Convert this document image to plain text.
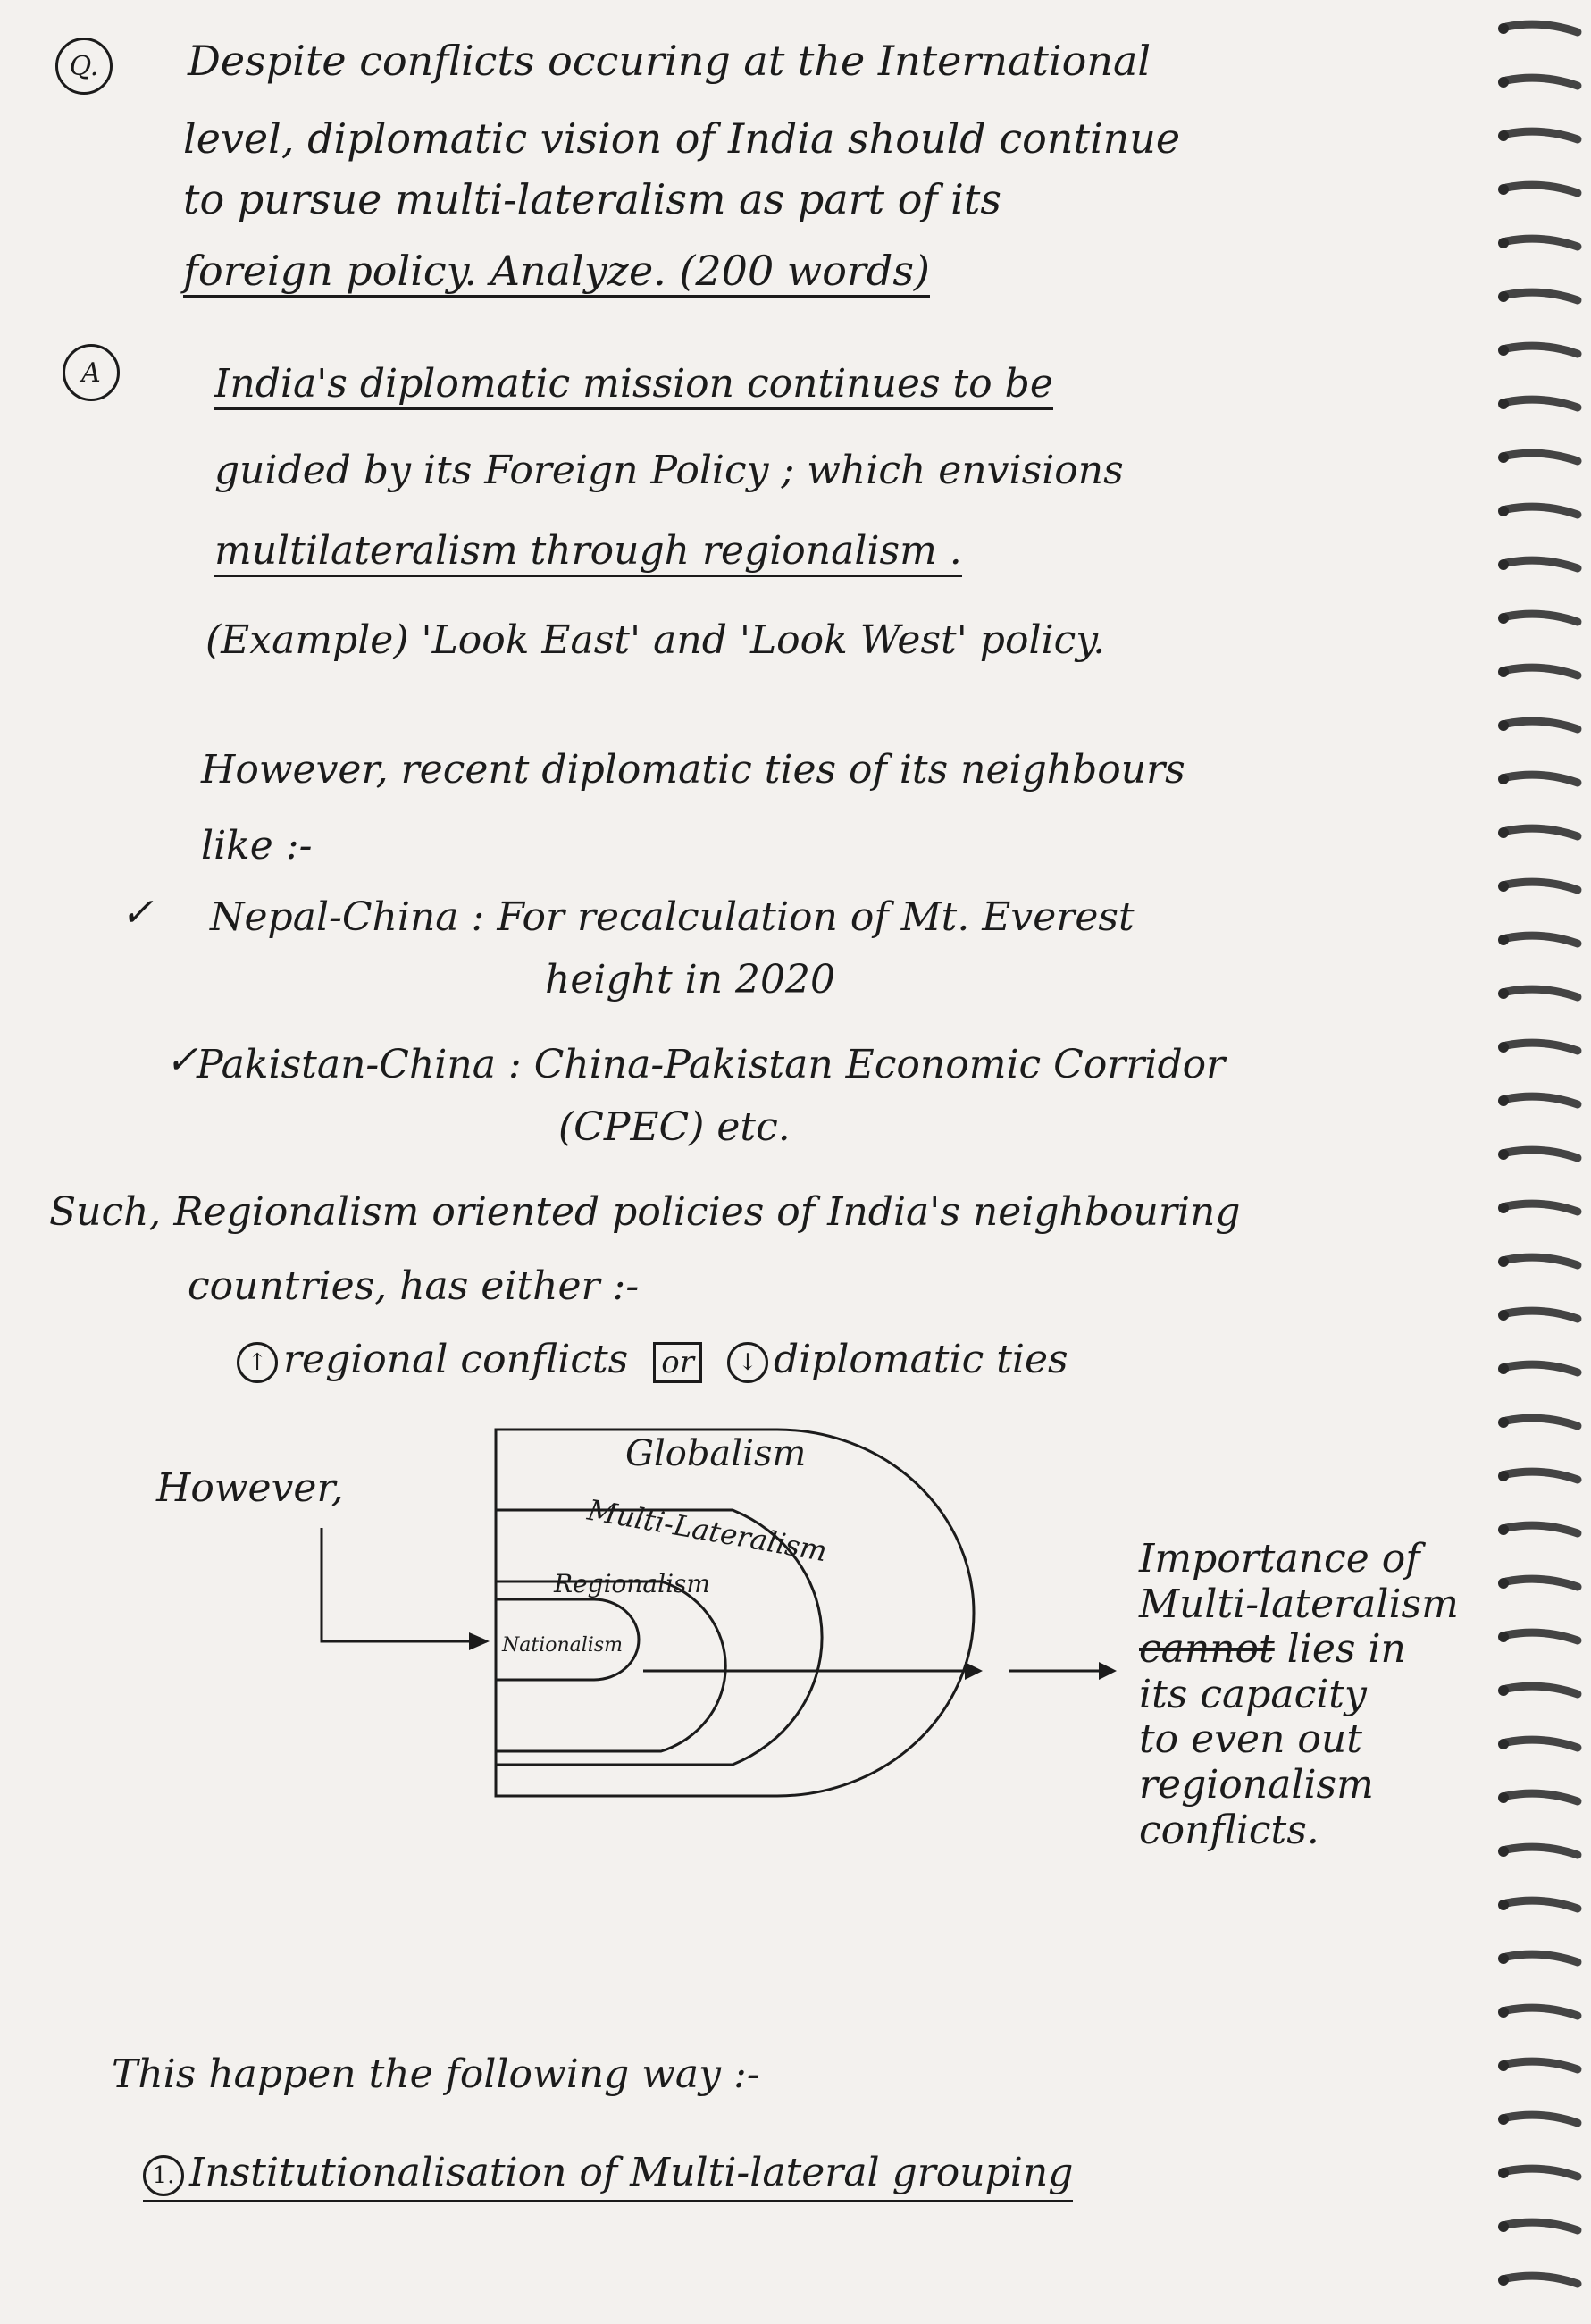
Q.	Despite conflicts occuring at the International
level, diplomatic vision of India should continue
to pursue multi-lateralism as part of its
foreign policy. Analyze. (200 words)
A	India's diplomatic mission continues to be
guided by its Foreign Policy ; which envisions
multilateralism through regionalism .
(Example) 'Look East' and 'Look West' policy.
However, recent diplomatic ties of its neighbours
like :-
✓ Nepal-China : For recalculation of Mt. Everest
height in 2020
✓
Pakistan-China : China-Pakistan Economic Corridor
(CPEC) etc.
Such, Regionalism oriented policies of India's neighbouring
countries, has either :-
↑ regional conflicts or ↓ diplomatic ties
Globalism
Multi-Lateralism
Regionalism
Nationalism
However,
Importance of
Multi-lateralism
cannot lies in
its capacity
to even out
regionalism
conflicts.
This happen the following way :-
1. Institutionalisation of Multi-lateral grouping
